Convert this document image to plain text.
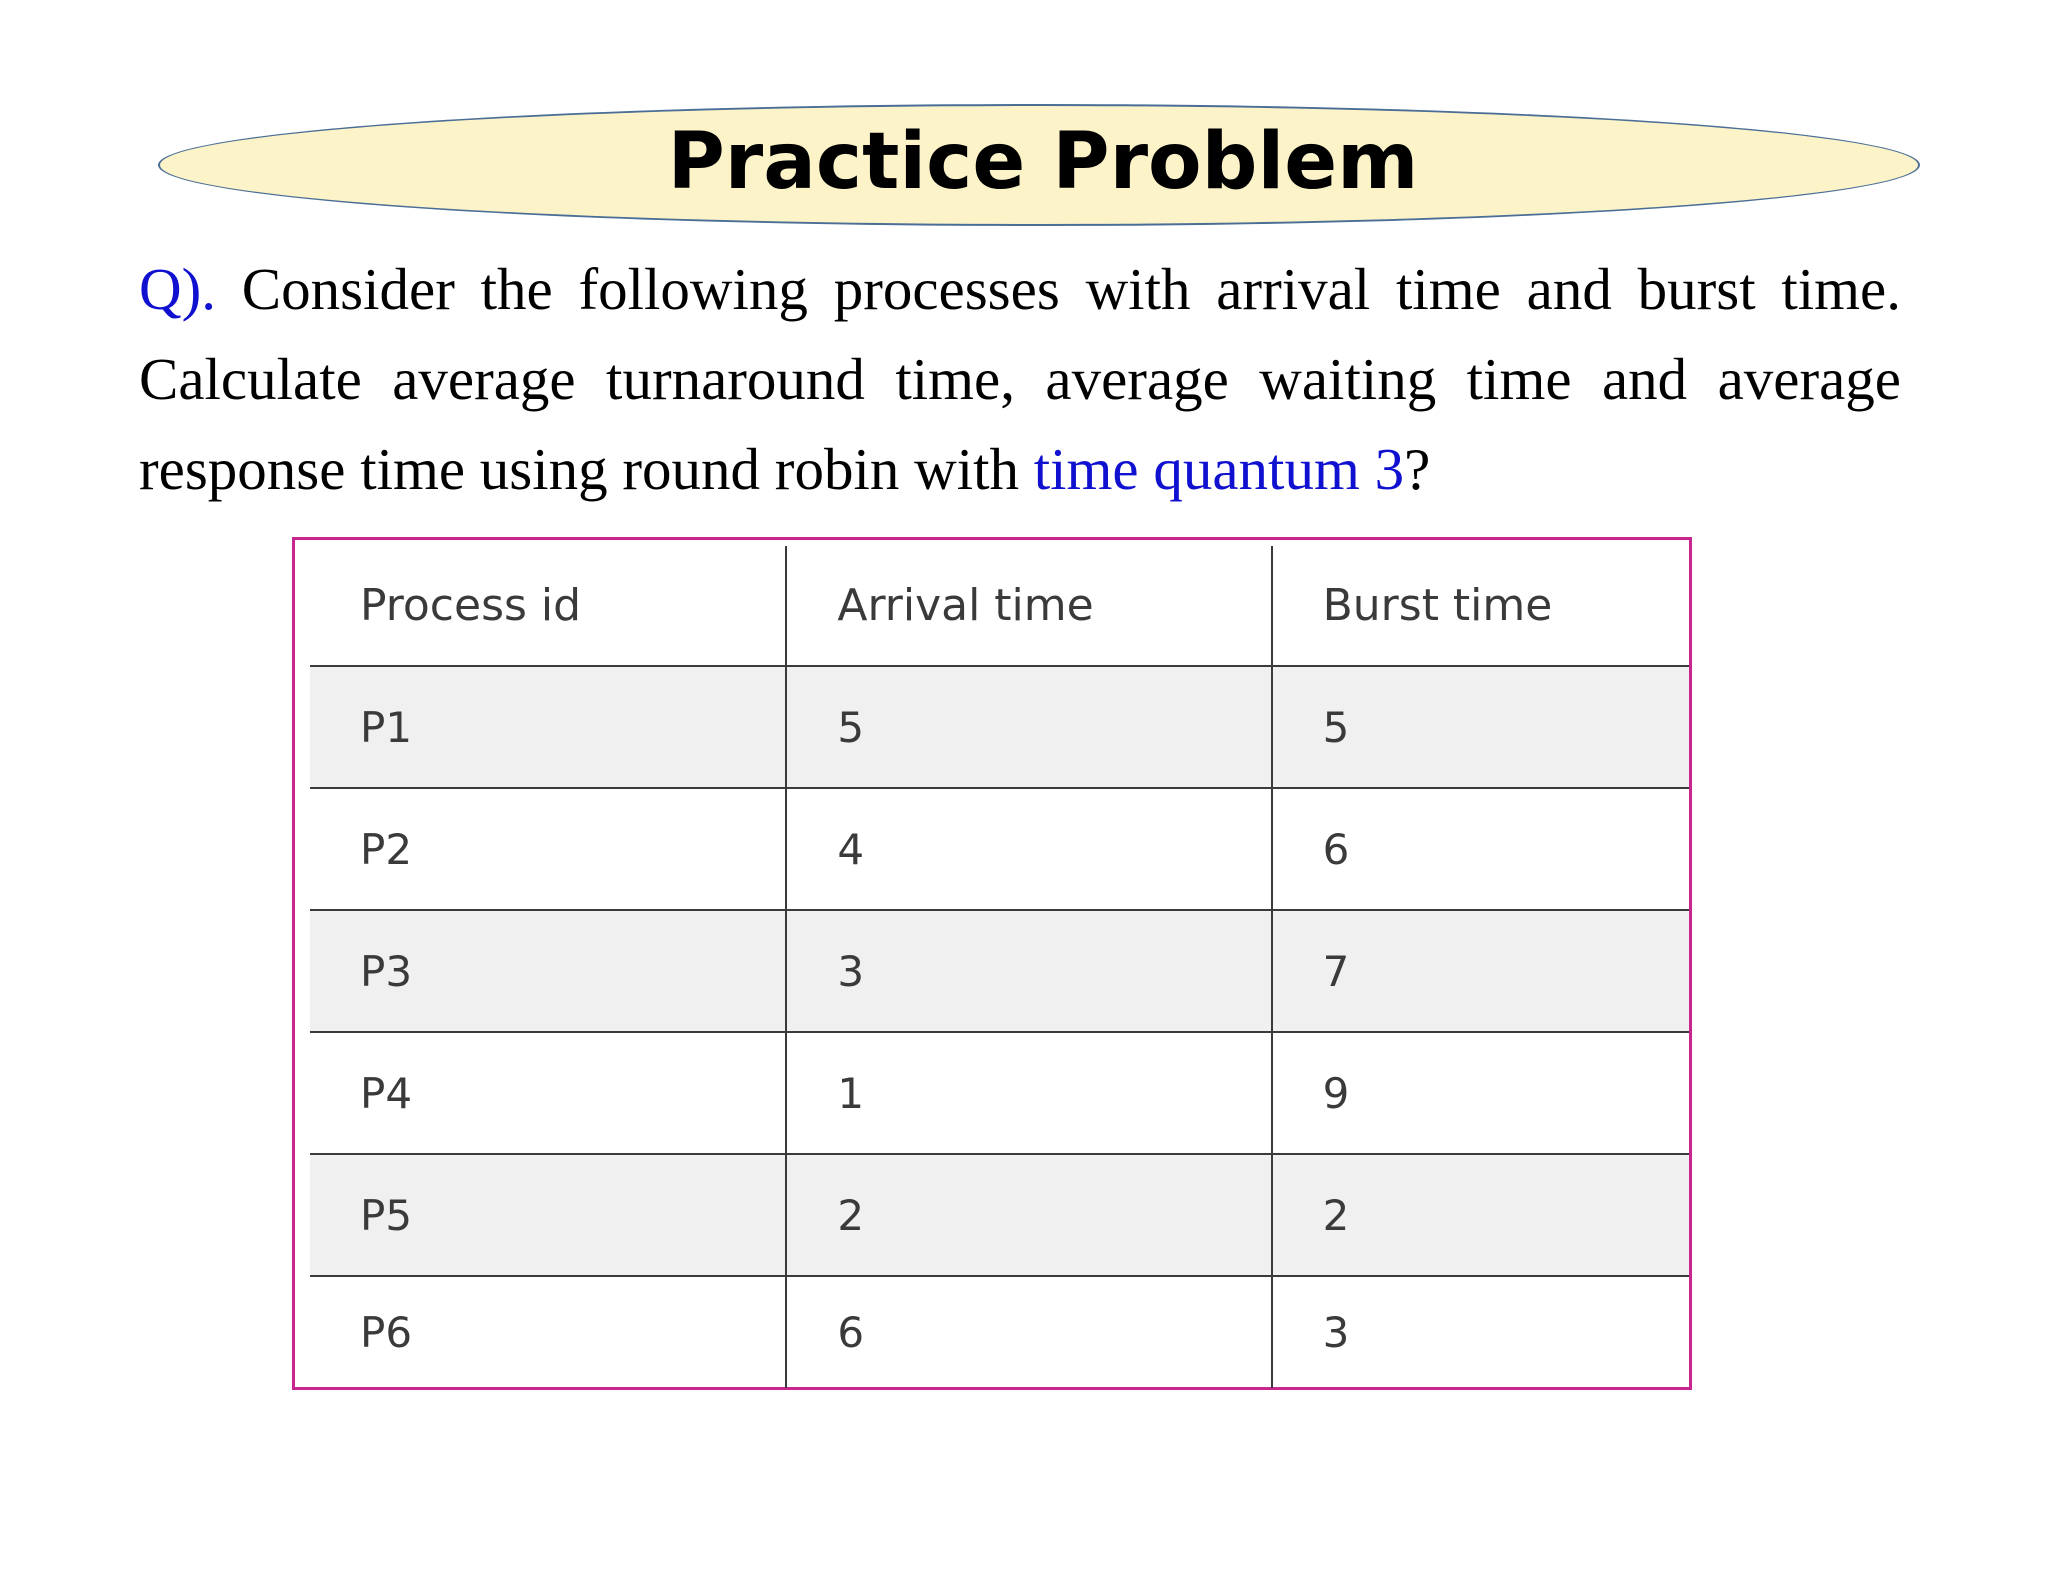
Practice Problem
Q). Consider the following processes with arrival time and burst time. Calculate average turnaround time, average waiting time and average response time using round robin with time quantum 3?
Process id	Arrival time	Burst time
P1	5	5
P2	4	6
P3	3	7
P4	1	9
P5	2	2
P6	6	3
